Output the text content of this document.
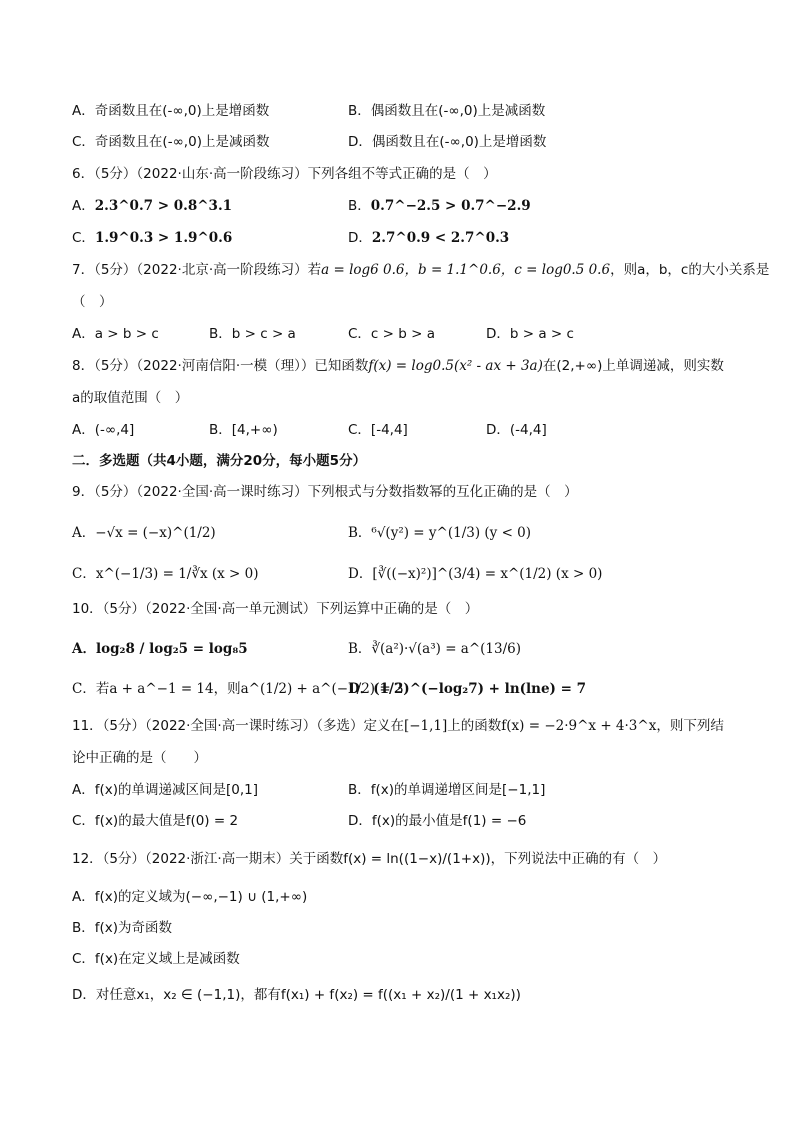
A．奇函数且在(-∞,0)上是增函数	B．偶函数且在(-∞,0)上是减函数
C．奇函数且在(-∞,0)上是减函数	D．偶函数且在(-∞,0)上是增函数
6．（5分）（2022·山东·高一阶段练习）下列各组不等式正确的是（　）
A．2.3^0.7 > 0.8^3.1	B．0.7^−2.5 > 0.7^−2.9
C．1.9^0.3 > 1.9^0.6	D．2.7^0.9 < 2.7^0.3
7．（5分）（2022·北京·高一阶段练习）若a = log6 0.6，b = 1.1^0.6，c = log0.5 0.6，则a，b，c的大小关系是
（　）
A．a > b > c	B．b > c > a	C．c > b > a	D．b > a > c
8．（5分）（2022·河南信阳·一模（理））已知函数f(x) = log0.5(x² - ax + 3a)在(2,+∞)上单调递减，则实数
a的取值范围（　）
A．(-∞,4]	B．[4,+∞)	C．[-4,4]	D．(-4,4]
二．多选题（共4小题，满分20分，每小题5分）
9．（5分）（2022·全国·高一课时练习）下列根式与分数指数幂的互化正确的是（　）
A．−√x = (−x)^(1/2)	B．⁶√(y²) = y^(1/3) (y < 0)
C．x^(−1/3) = 1/∛x (x > 0)	D．[∛((−x)²)]^(3/4) = x^(1/2) (x > 0)
10．（5分）（2022·全国·高一单元测试）下列运算中正确的是（　）
A．log₂8 / log₂5 = log₈5	B．∛(a²)·√(a³) = a^(13/6)
C．若a + a^−1 = 14，则a^(1/2) + a^(−1/2) = 3
D．(1/2)^(−log₂7) + ln(lne) = 7
11．（5分）（2022·全国·高一课时练习）（多选）定义在[−1,1]上的函数f(x) = −2·9^x + 4·3^x，则下列结
论中正确的是（　　）
A．f(x)的单调递减区间是[0,1]	B．f(x)的单调递增区间是[−1,1]
C．f(x)的最大值是f(0) = 2	D．f(x)的最小值是f(1) = −6
12．（5分）（2022·浙江·高一期末）关于函数f(x) = ln((1−x)/(1+x))，下列说法中正确的有（　）
A．f(x)的定义域为(−∞,−1) ∪ (1,+∞)
B．f(x)为奇函数
C．f(x)在定义域上是减函数
D．对任意x₁，x₂ ∈ (−1,1)，都有f(x₁) + f(x₂) = f((x₁ + x₂)/(1 + x₁x₂))
